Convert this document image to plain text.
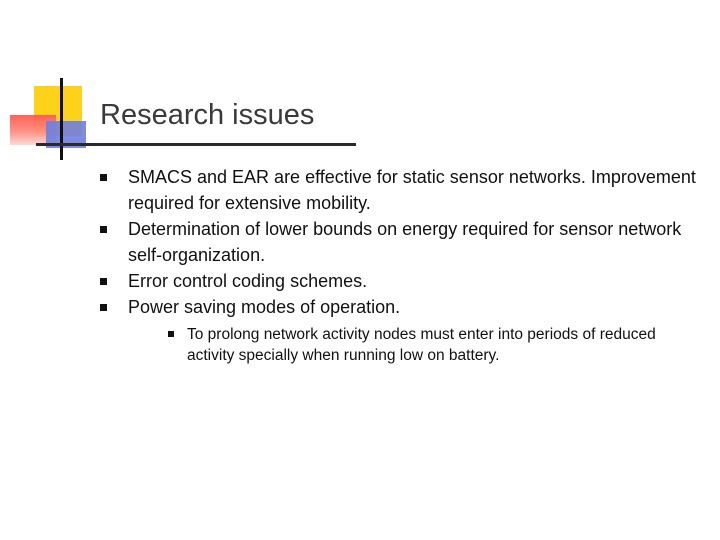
Research issues
SMACS and EAR are effective for static sensor networks. Improvement required for extensive mobility.
Determination of lower bounds on energy required for sensor network self-organization.
Error control coding schemes.
Power saving modes of operation.
To prolong network activity nodes must enter into periods of reduced activity specially when running low on battery.
